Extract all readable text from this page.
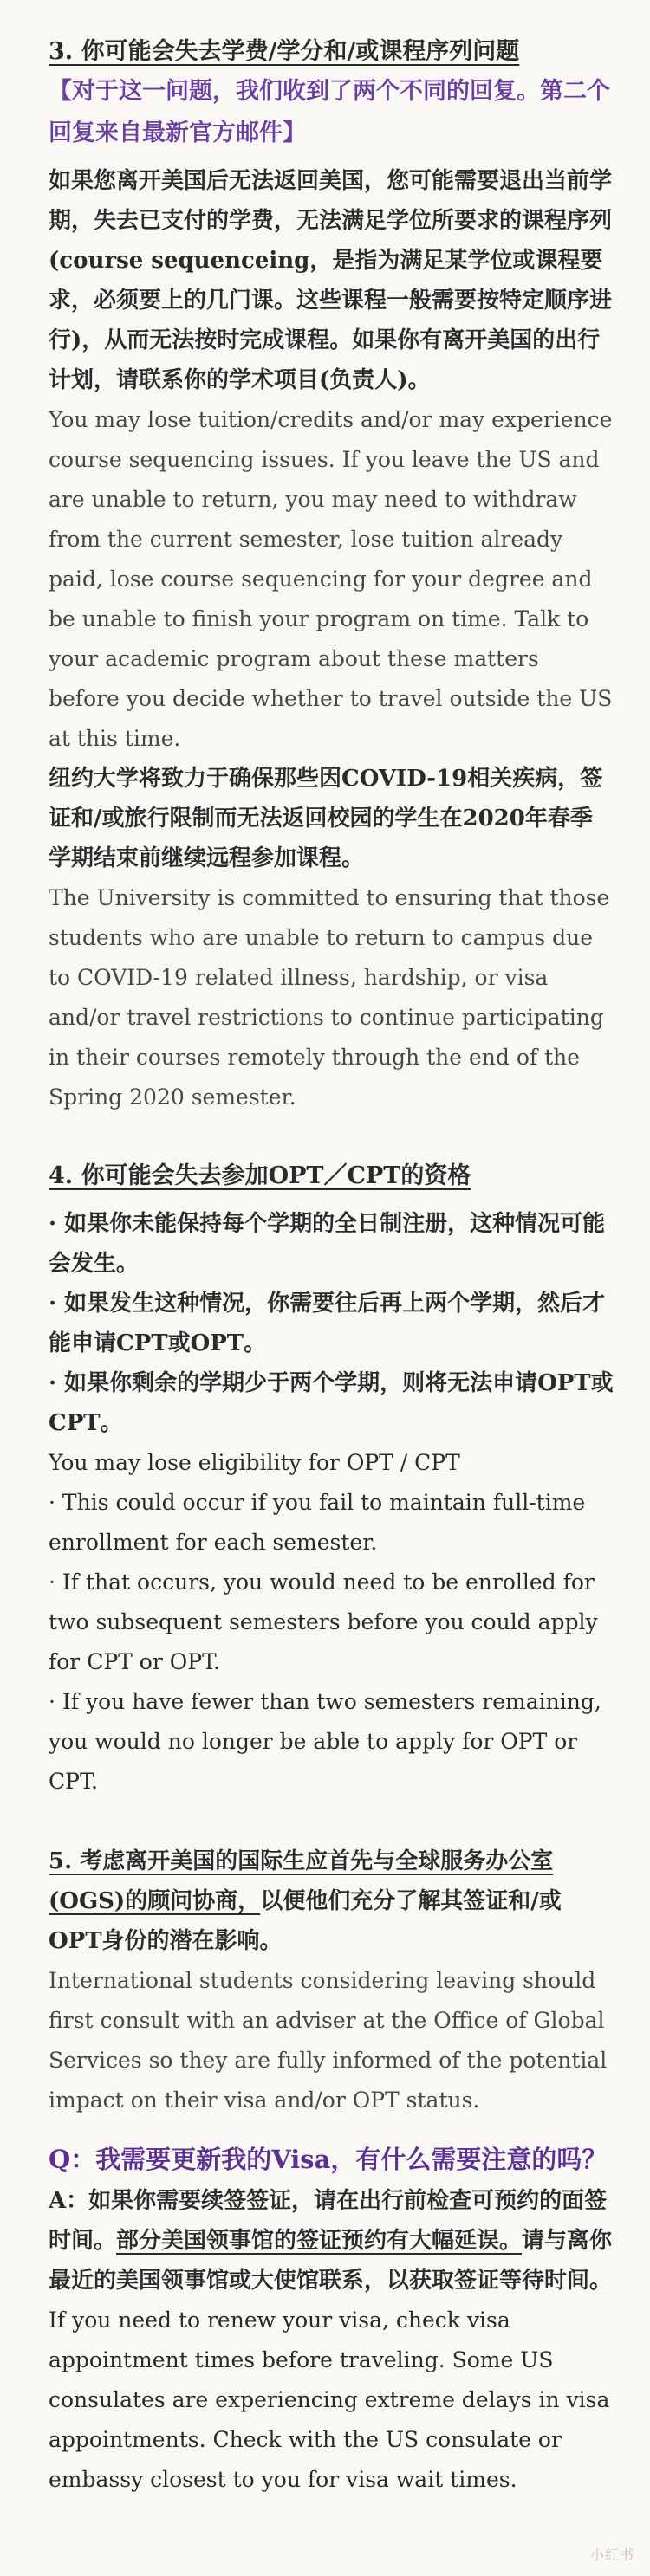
3. 你可能会失去学费/学分和/或课程序列问题

【对于这一问题，我们收到了两个不同的回复。第二个回复来自最新官方邮件】

如果您离开美国后无法返回美国，您可能需要退出当前学期，失去已支付的学费，无法满足学位所要求的课程序列(course sequenceing，是指为满足某学位或课程要求，必须要上的几门课。这些课程一般需要按特定顺序进行)，从而无法按时完成课程。如果你有离开美国的出行计划，请联系你的学术项目(负责人)。

You may lose tuition/credits and/or may experience course sequencing issues. If you leave the US and are unable to return, you may need to withdraw from the current semester, lose tuition already paid, lose course sequencing for your degree and be unable to finish your program on time. Talk to your academic program about these matters before you decide whether to travel outside the US at this time.

纽约大学将致力于确保那些因COVID-19相关疾病，签证和/或旅行限制而无法返回校园的学生在2020年春季学期结束前继续远程参加课程。

The University is committed to ensuring that those students who are unable to return to campus due to COVID-19 related illness, hardship, or visa and/or travel restrictions to continue participating in their courses remotely through the end of the Spring 2020 semester.

4. 你可能会失去参加OPT／CPT的资格

· 如果你未能保持每个学期的全日制注册，这种情况可能会发生。

· 如果发生这种情况，你需要往后再上两个学期，然后才能申请CPT或OPT。

· 如果你剩余的学期少于两个学期，则将无法申请OPT或CPT。

You may lose eligibility for OPT / CPT

· This could occur if you fail to maintain full-time enrollment for each semester.

· If that occurs, you would need to be enrolled for two subsequent semesters before you could apply for CPT or OPT.

· If you have fewer than two semesters remaining, you would no longer be able to apply for OPT or CPT.

5. 考虑离开美国的国际生应首先与全球服务办公室(OGS)的顾问协商，以便他们充分了解其签证和/或OPT身份的潜在影响。

International students considering leaving should first consult with an adviser at the Office of Global Services so they are fully informed of the potential impact on their visa and/or OPT status.

Q：我需要更新我的Visa，有什么需要注意的吗？

A：如果你需要续签签证，请在出行前检查可预约的面签时间。部分美国领事馆的签证预约有大幅延误。请与离你最近的美国领事馆或大使馆联系，以获取签证等待时间。

If you need to renew your visa, check visa appointment times before traveling. Some US consulates are experiencing extreme delays in visa appointments. Check with the US consulate or embassy closest to you for visa wait times.

小红书
